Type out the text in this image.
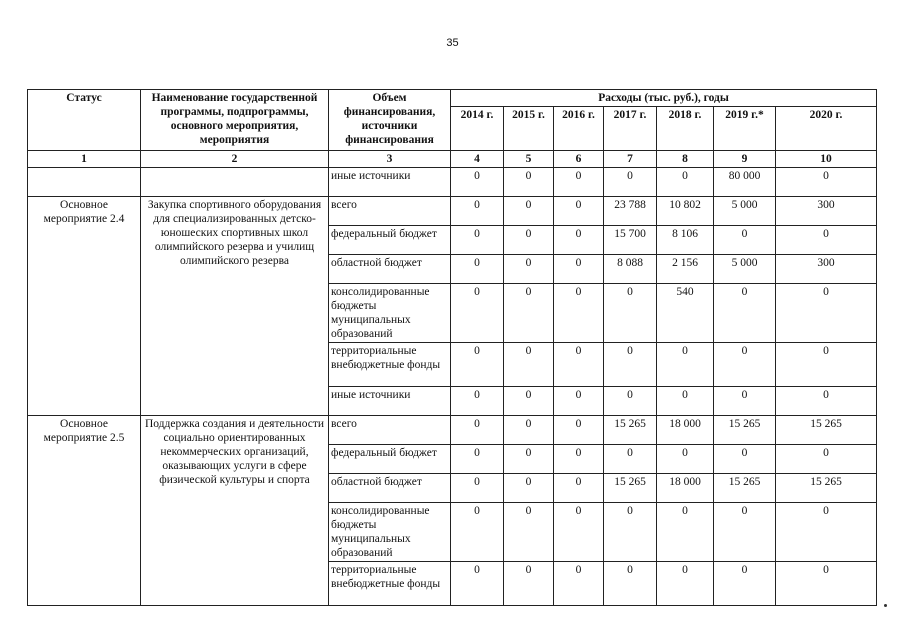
35
Статус	Наименование государственной программы, подпрограммы, основного мероприятия, мероприятия	Объем финансирования, источники финансирования	Расходы (тыс. руб.), годы						
			2014 г.	2015 г.	2016 г.	2017 г.	2018 г.	2019 г.*	2020 г.
1	2	3	4	5	6	7	8	9	10
		иные источники	0	0	0	0	0	80 000	0
Основное мероприятие 2.4	Закупка спортивного оборудования для специализированных детско-юношеских спортивных школ олимпийского резерва и училищ олимпийского резерва	всего	0	0	0	23 788	10 802	5 000	300
		федеральный бюджет	0	0	0	15 700	8 106	0	0
		областной бюджет	0	0	0	8 088	2 156	5 000	300
		консолидированные бюджеты муниципальных образований	0	0	0	0	540	0	0
		территориальные внебюджетные фонды	0	0	0	0	0	0	0
		иные источники	0	0	0	0	0	0	0
Основное мероприятие 2.5	Поддержка создания и деятельности социально ориентированных некоммерческих организаций, оказывающих услуги в сфере физической культуры и спорта	всего	0	0	0	15 265	18 000	15 265	15 265
		федеральный бюджет	0	0	0	0	0	0	0
		областной бюджет	0	0	0	15 265	18 000	15 265	15 265
		консолидированные бюджеты муниципальных образований	0	0	0	0	0	0	0
		территориальные внебюджетные фонды	0	0	0	0	0	0	0
